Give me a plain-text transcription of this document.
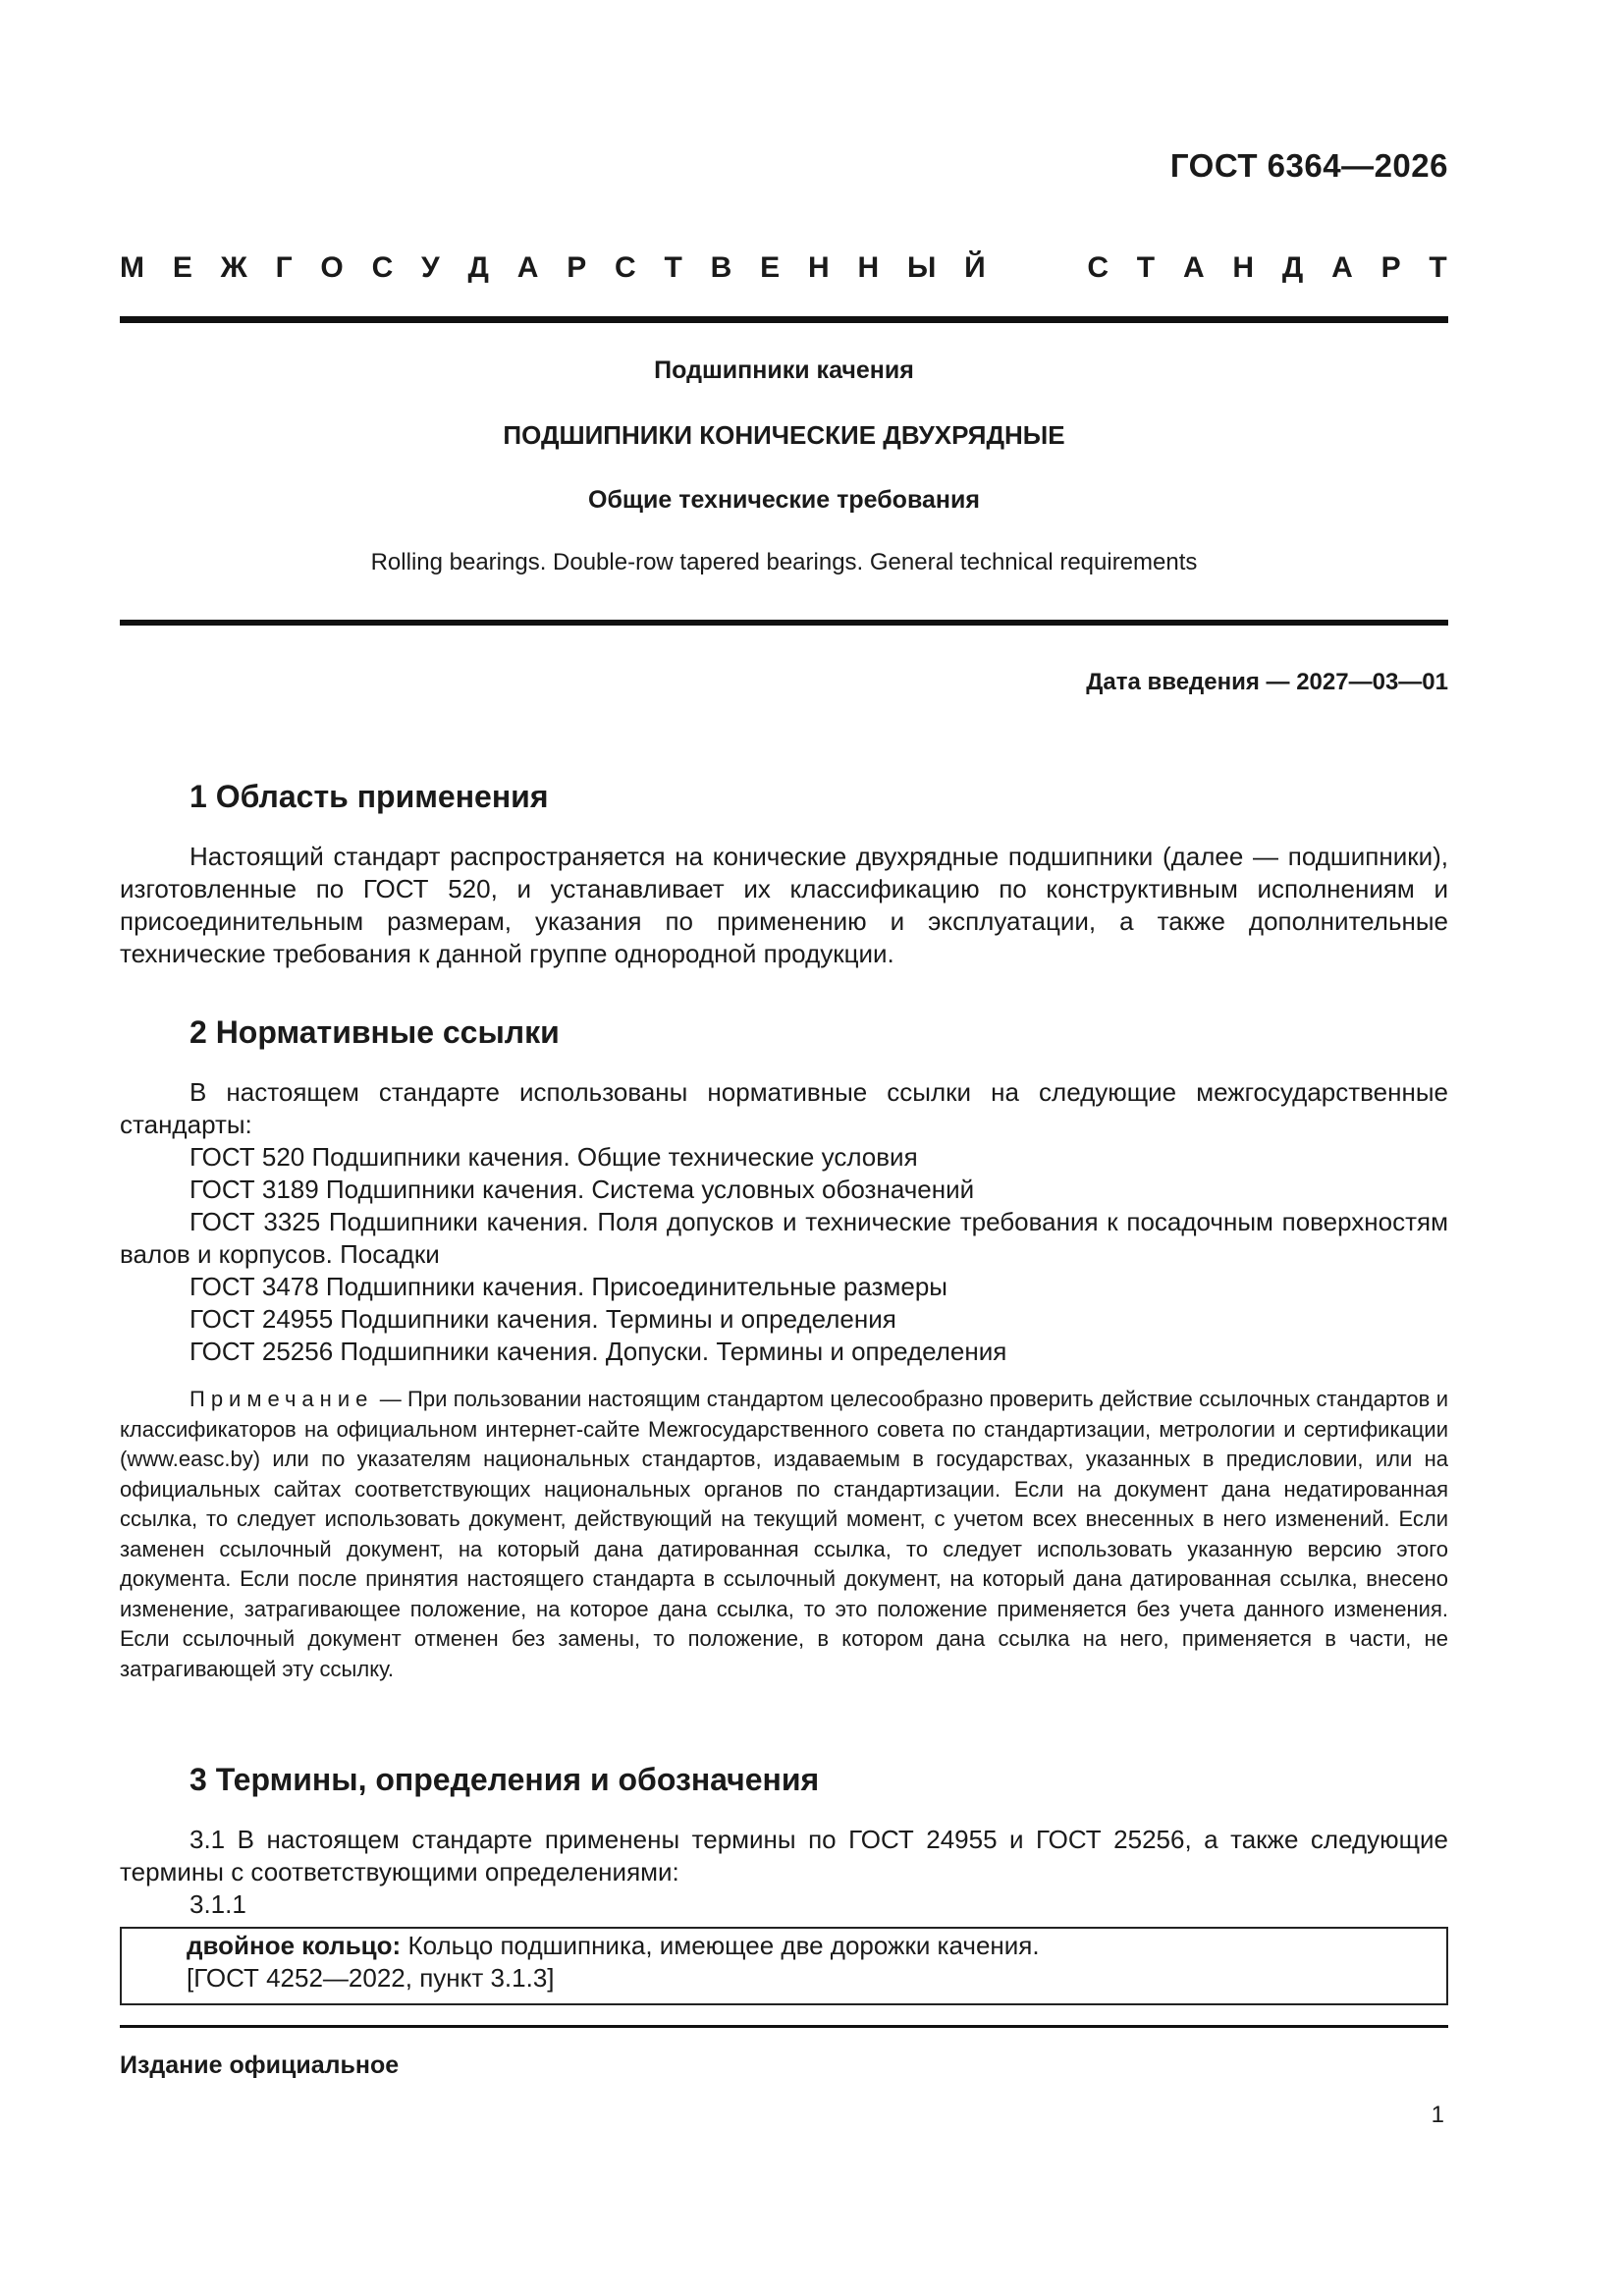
ГОСТ 6364—2026
М Е Ж Г О С У Д А Р С Т В Е Н Н Ы Й	С Т А Н Д А Р Т
Подшипники качения
ПОДШИПНИКИ КОНИЧЕСКИЕ ДВУХРЯДНЫЕ
Общие технические требования
Rolling bearings. Double-row tapered bearings. General technical requirements
Дата введения — 2027—03—01
1 Область применения
Настоящий стандарт распространяется на конические двухрядные подшипники (далее — подшипники), изготовленные по ГОСТ 520, и устанавливает их классификацию по конструктивным исполнениям и присоединительным размерам, указания по применению и эксплуатации, а также дополнительные технические требования к данной группе однородной продукции.
2 Нормативные ссылки
В настоящем стандарте использованы нормативные ссылки на следующие межгосударственные стандарты:
ГОСТ 520 Подшипники качения. Общие технические условия
ГОСТ 3189 Подшипники качения. Система условных обозначений
ГОСТ 3325 Подшипники качения. Поля допусков и технические требования к посадочным поверхностям валов и корпусов. Посадки
ГОСТ 3478 Подшипники качения. Присоединительные размеры
ГОСТ 24955 Подшипники качения. Термины и определения
ГОСТ 25256 Подшипники качения. Допуски. Термины и определения
Примечание — При пользовании настоящим стандартом целесообразно проверить действие ссылочных стандартов и классификаторов на официальном интернет-сайте Межгосударственного совета по стандартизации, метрологии и сертификации (www.easc.by) или по указателям национальных стандартов, издаваемым в государствах, указанных в предисловии, или на официальных сайтах соответствующих национальных органов по стандартизации. Если на документ дана недатированная ссылка, то следует использовать документ, действующий на текущий момент, с учетом всех внесенных в него изменений. Если заменен ссылочный документ, на который дана датированная ссылка, то следует использовать указанную версию этого документа. Если после принятия настоящего стандарта в ссылочный документ, на который дана датированная ссылка, внесено изменение, затрагивающее положение, на которое дана ссылка, то это положение применяется без учета данного изменения. Если ссылочный документ отменен без замены, то положение, в котором дана ссылка на него, применяется в части, не затрагивающей эту ссылку.
3 Термины, определения и обозначения
3.1 В настоящем стандарте применены термины по ГОСТ 24955 и ГОСТ 25256, а также следующие термины с соответствующими определениями:
3.1.1
двойное кольцо: Кольцо подшипника, имеющее две дорожки качения.
[ГОСТ 4252—2022, пункт 3.1.3]
Издание официальное
1
